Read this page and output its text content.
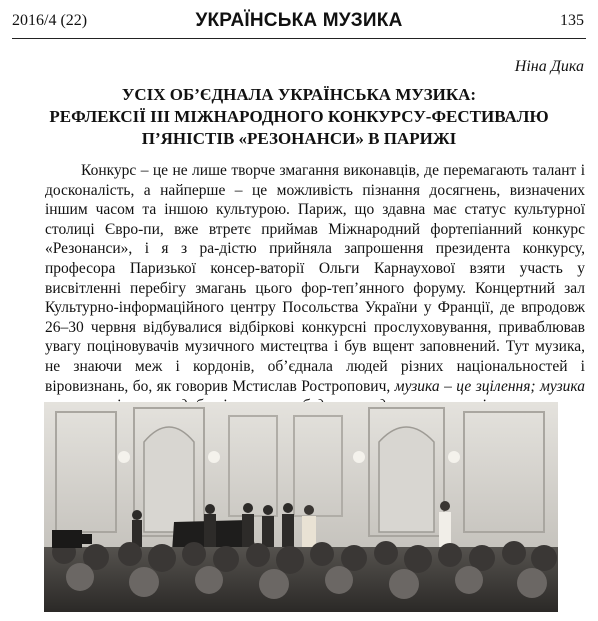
2016/4 (22)	УКРАЇНСЬКА МУЗИКА	135
Ніна Дика
УСІХ ОБ’ЄДНАЛА УКРАЇНСЬКА МУЗИКА:
РЕФЛЕКСІЇ ІІІ МІЖНАРОДНОГО КОНКУРСУ-ФЕСТИВАЛЮ
П’ЯНІСТІВ «РЕЗОНАНСИ» В ПАРИЖІ
Конкурс – це не лише творче змагання виконавців, де перемагають талант і досконалість, а найперше – це можливість пізнання досягнень, визначених іншим часом та іншою культурою. Париж, що здавна має статус культурної столиці Євро-пи, вже втретє приймав Міжнародний фортепіанний конкурс «Резонанси», і я з ра-дістю прийняла запрошення президента конкурсу, професора Паризької консер-ваторії Ольги Карнаухової взяти участь у висвітленні перебігу змагань цього фор-теп’янного форуму. Концертний зал Культурно-інформаційного центру Посольства України у Франції, де впродовж 26–30 червня відбувалися відбіркові конкурсні прослуховування, приваблював увагу поціновувачів музичного мистецтва і був вщент заповнений. Тут музика, не знаючи меж і кордонів, об’єднала людей різних національностей і віровизнань, бо, як говорив Мстислав Ростропович, музика – це зцілення; музика
